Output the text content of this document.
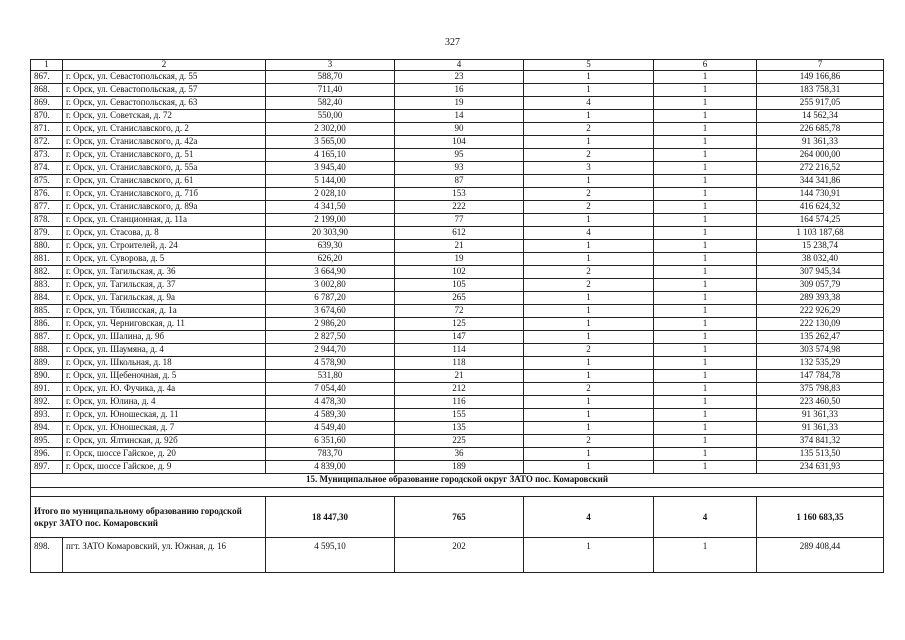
327
1	2	3	4	5	6	7
867.	г. Орск, ул. Севастопольская, д. 55	588,70	23	1	1	149 166,86
868.	г. Орск, ул. Севастопольская, д. 57	711,40	16	1	1	183 758,31
869.	г. Орск, ул. Севастопольская, д. 63	582,40	19	4	1	255 917,05
870.	г. Орск, ул. Советская, д. 72	550,00	14	1	1	14 562,34
871.	г. Орск, ул. Станиславского, д. 2	2 302,00	90	2	1	226 685,78
872.	г. Орск, ул. Станиславского, д. 42а	3 565,00	104	1	1	91 361,33
873.	г. Орск, ул. Станиславского, д. 51	4 165,10	95	2	1	264 000,00
874.	г. Орск, ул. Станиславского, д. 55а	3 945,40	93	3	1	272 216,52
875.	г. Орск, ул. Станиславского, д. 61	5 144,00	87	1	1	344 341,86
876.	г. Орск, ул. Станиславского, д. 71б	2 028,10	153	2	1	144 730,91
877.	г. Орск, ул. Станиславского, д. 89а	4 341,50	222	2	1	416 624,32
878.	г. Орск, ул. Станционная, д. 11а	2 199,00	77	1	1	164 574,25
879.	г. Орск, ул. Стасова, д. 8	20 303,90	612	4	1	1 103 187,68
880.	г. Орск, ул. Строителей, д. 24	639,30	21	1	1	15 238,74
881.	г. Орск, ул. Суворова, д. 5	626,20	19	1	1	38 032,40
882.	г. Орск, ул. Тагильская, д. 36	3 664,90	102	2	1	307 945,34
883.	г. Орск, ул. Тагильская, д. 37	3 002,80	105	2	1	309 057,79
884.	г. Орск, ул. Тагильская, д. 9а	6 787,20	265	1	1	289 393,38
885.	г. Орск, ул. Тбилисская, д. 1а	3 674,60	72	1	1	222 926,29
886.	г. Орск, ул. Черниговская, д. 11	2 986,20	125	1	1	222 130,09
887.	г. Орск, ул. Шалина, д. 9б	2 827,50	147	1	1	135 262,47
888.	г. Орск, ул. Шаумяна, д. 4	2 944,70	114	2	1	303 574,98
889.	г. Орск, ул. Школьная, д. 18	4 578,90	118	1	1	132 535,29
890.	г. Орск, ул. Щебеночная, д. 5	531,80	21	1	1	147 784,78
891.	г. Орск, ул. Ю. Фучика, д. 4а	7 054,40	212	2	1	375 798,83
892.	г. Орск, ул. Юлина, д. 4	4 478,30	116	1	1	223 460,50
893.	г. Орск, ул. Юношеская, д. 11	4 589,30	155	1	1	91 361,33
894.	г. Орск, ул. Юношеская, д. 7	4 549,40	135	1	1	91 361,33
895.	г. Орск, ул. Ялтинская, д. 92б	6 351,60	225	2	1	374 841,32
896.	г. Орск, шоссе Гайское, д. 20	783,70	36	1	1	135 513,50
897.	г. Орск, шоссе Гайское, д. 9	4 839,00	189	1	1	234 631,93
15. Муниципальное образование городской округ ЗАТО пос. Комаровский						

Итого по муниципальному образованию городской округ ЗАТО пос. Комаровский		18 447,30	765	4	4	1 160 683,35
898.	пгт. ЗАТО Комаровский, ул. Южная, д. 16	4 595,10	202	1	1	289 408,44
